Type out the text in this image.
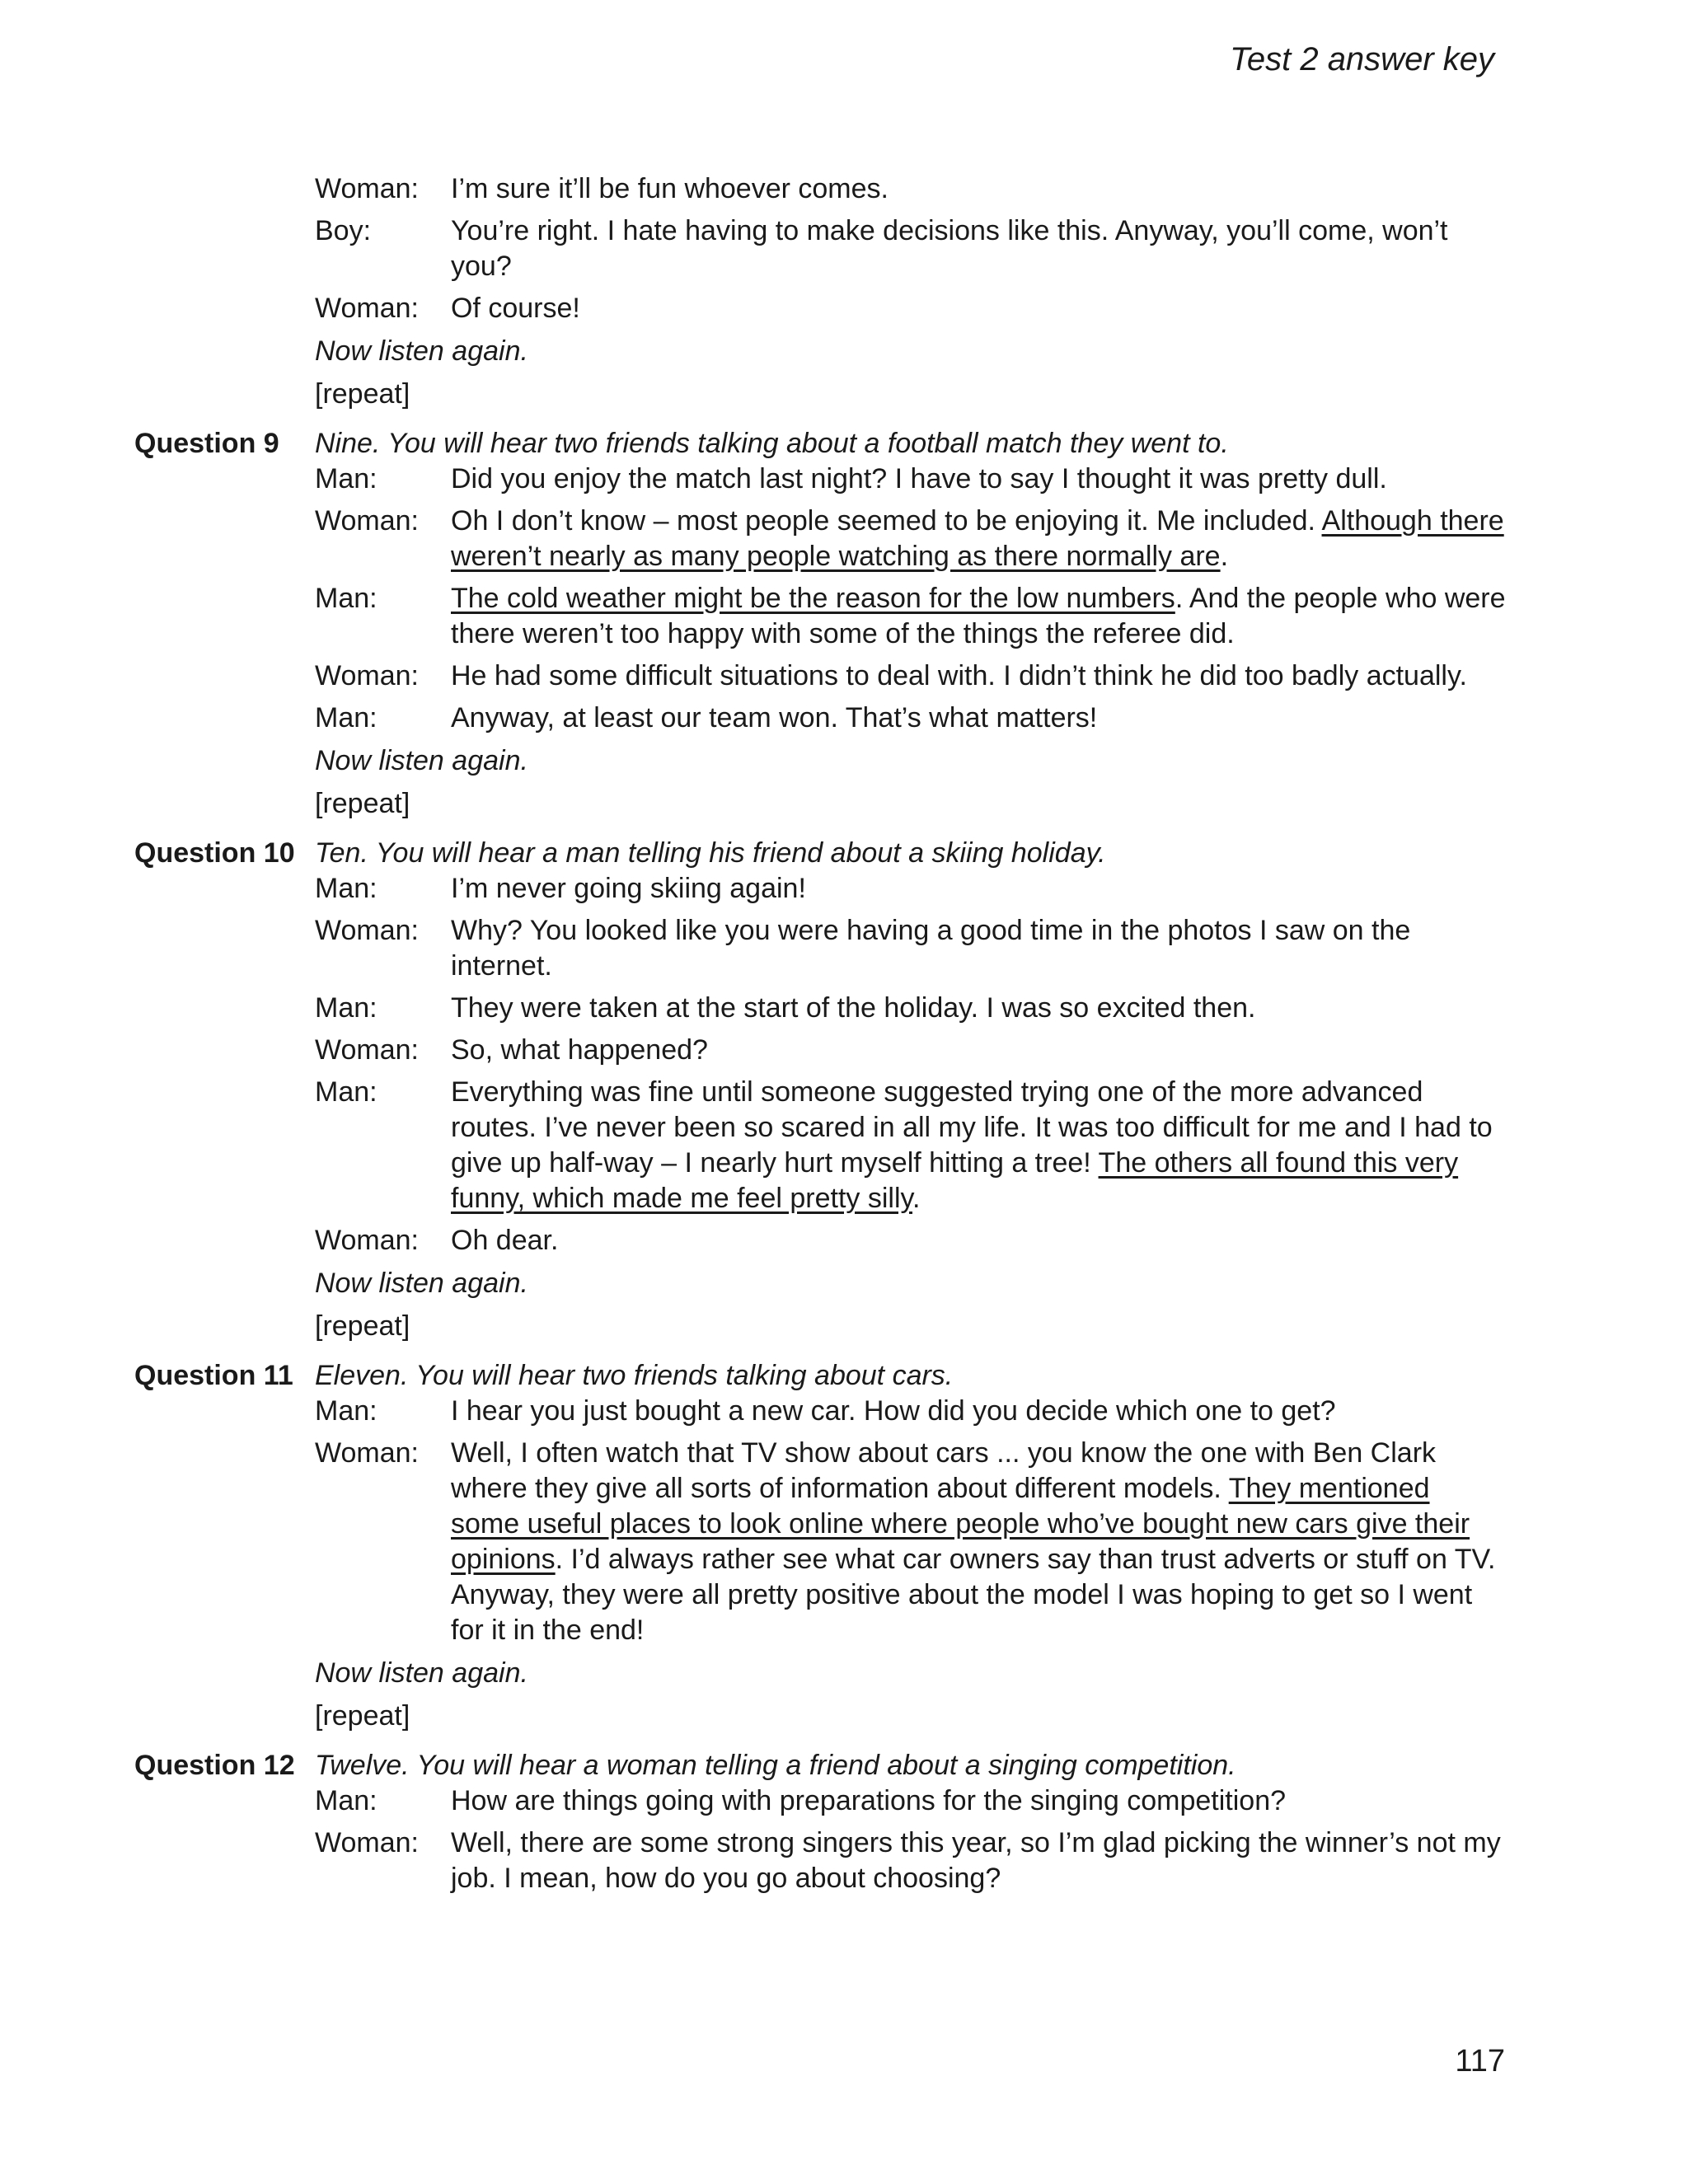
Test 2 answer key
Woman:	I’m sure it’ll be fun whoever comes.
Boy:	You’re right. I hate having to make decisions like this. Anyway, you’ll come, won’t you?
Woman:	Of course!
Now listen again.
[repeat]
Question 9 Nine. You will hear two friends talking about a football match they went to.
Man:	Did you enjoy the match last night? I have to say I thought it was pretty dull.
Woman:	Oh I don’t know – most people seemed to be enjoying it. Me included. Although there weren’t nearly as many people watching as there normally are.
Man:	The cold weather might be the reason for the low numbers. And the people who were there weren’t too happy with some of the things the referee did.
Woman:	He had some difficult situations to deal with. I didn’t think he did too badly actually.
Man:	Anyway, at least our team won. That’s what matters!
Now listen again.
[repeat]
Question 10 Ten. You will hear a man telling his friend about a skiing holiday.
Man:	I’m never going skiing again!
Woman:	Why? You looked like you were having a good time in the photos I saw on the internet.
Man:	They were taken at the start of the holiday. I was so excited then.
Woman:	So, what happened?
Man:	Everything was fine until someone suggested trying one of the more advanced routes. I’ve never been so scared in all my life. It was too difficult for me and I had to give up half-way – I nearly hurt myself hitting a tree! The others all found this very funny, which made me feel pretty silly.
Woman:	Oh dear.
Now listen again.
[repeat]
Question 11 Eleven. You will hear two friends talking about cars.
Man:	I hear you just bought a new car. How did you decide which one to get?
Woman:	Well, I often watch that TV show about cars ... you know the one with Ben Clark where they give all sorts of information about different models. They mentioned some useful places to look online where people who’ve bought new cars give their opinions. I’d always rather see what car owners say than trust adverts or stuff on TV. Anyway, they were all pretty positive about the model I was hoping to get so I went for it in the end!
Now listen again.
[repeat]
Question 12 Twelve. You will hear a woman telling a friend about a singing competition.
Man:	How are things going with preparations for the singing competition?
Woman:	Well, there are some strong singers this year, so I’m glad picking the winner’s not my job. I mean, how do you go about choosing?
117
